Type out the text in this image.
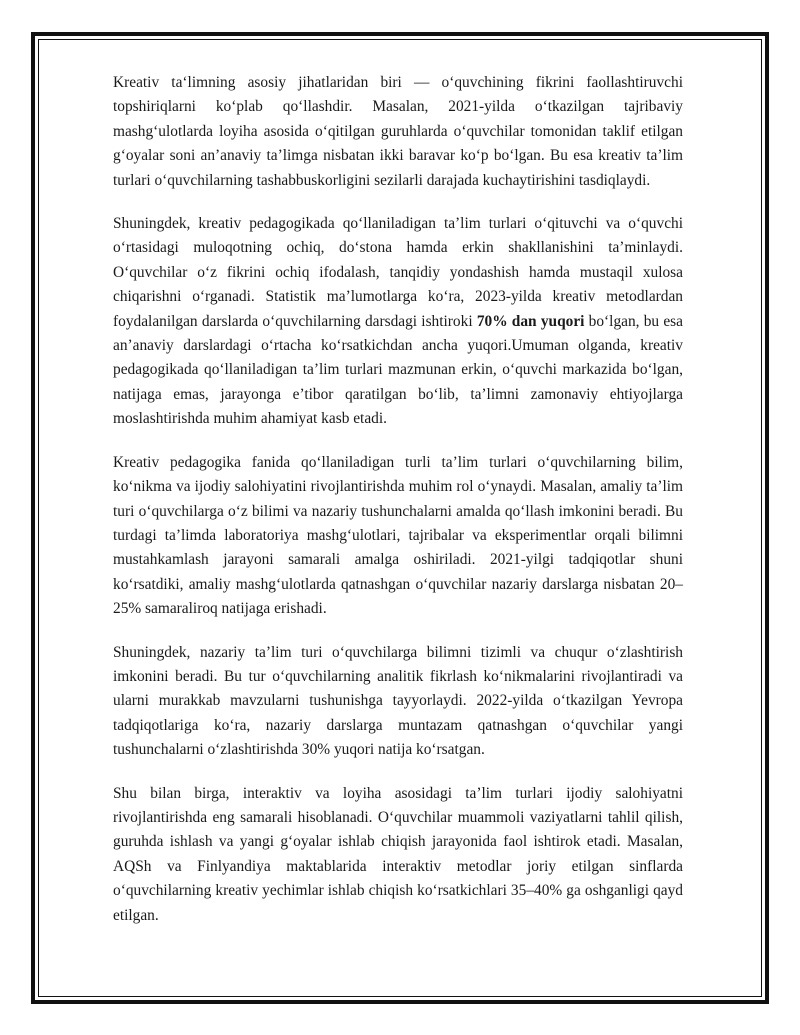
Kreativ ta‘limning asosiy jihatlaridan biri — o‘quvchining fikrini faollashtiruvchi topshiriqlarni ko‘plab qo‘llashdir. Masalan, 2021-yilda o‘tkazilgan tajribaviy mashg‘ulotlarda loyiha asosida o‘qitilgan guruhlarda o‘quvchilar tomonidan taklif etilgan g‘oyalar soni an’anaviy ta’limga nisbatan ikki baravar ko‘p bo‘lgan. Bu esa kreativ ta’lim turlari o‘quvchilarning tashabbuskorligini sezilarli darajada kuchaytirishini tasdiqlaydi.

Shuningdek, kreativ pedagogikada qo‘llaniladigan ta’lim turlari o‘qituvchi va o‘quvchi o‘rtasidagi muloqotning ochiq, do‘stona hamda erkin shakllanishini ta’minlaydi. O‘quvchilar o‘z fikrini ochiq ifodalash, tanqidiy yondashish hamda mustaqil xulosa chiqarishni o‘rganadi. Statistik ma’lumotlarga ko‘ra, 2023-yilda kreativ metodlardan foydalanilgan darslarda o‘quvchilarning darsdagi ishtiroki 70% dan yuqori bo‘lgan, bu esa an’anaviy darslardagi o‘rtacha ko‘rsatkichdan ancha yuqori.Umuman olganda, kreativ pedagogikada qo‘llaniladigan ta’lim turlari mazmunan erkin, o‘quvchi markazida bo‘lgan, natijaga emas, jarayonga e’tibor qaratilgan bo‘lib, ta’limni zamonaviy ehtiyojlarga moslashtirishda muhim ahamiyat kasb etadi.

Kreativ pedagogika fanida qo‘llaniladigan turli ta’lim turlari o‘quvchilarning bilim, ko‘nikma va ijodiy salohiyatini rivojlantirishda muhim rol o‘ynaydi. Masalan, amaliy ta’lim turi o‘quvchilarga o‘z bilimi va nazariy tushunchalarni amalda qo‘llash imkonini beradi. Bu turdagi ta’limda laboratoriya mashg‘ulotlari, tajribalar va eksperimentlar orqali bilimni mustahkamlash jarayoni samarali amalga oshiriladi. 2021-yilgi tadqiqotlar shuni ko‘rsatdiki, amaliy mashg‘ulotlarda qatnashgan o‘quvchilar nazariy darslarga nisbatan 20–25% samaraliroq natijaga erishadi.

Shuningdek, nazariy ta’lim turi o‘quvchilarga bilimni tizimli va chuqur o‘zlashtirish imkonini beradi. Bu tur o‘quvchilarning analitik fikrlash ko‘nikmalarini rivojlantiradi va ularni murakkab mavzularni tushunishga tayyorlaydi. 2022-yilda o‘tkazilgan Yevropa tadqiqotlariga ko‘ra, nazariy darslarga muntazam qatnashgan o‘quvchilar yangi tushunchalarni o‘zlashtirishda 30% yuqori natija ko‘rsatgan.

Shu bilan birga, interaktiv va loyiha asosidagi ta’lim turlari ijodiy salohiyatni rivojlantirishda eng samarali hisoblanadi. O‘quvchilar muammoli vaziyatlarni tahlil qilish, guruhda ishlash va yangi g‘oyalar ishlab chiqish jarayonida faol ishtirok etadi. Masalan, AQSh va Finlyandiya maktablarida interaktiv metodlar joriy etilgan sinflarda o‘quvchilarning kreativ yechimlar ishlab chiqish ko‘rsatkichlari 35–40% ga oshganligi qayd etilgan.
